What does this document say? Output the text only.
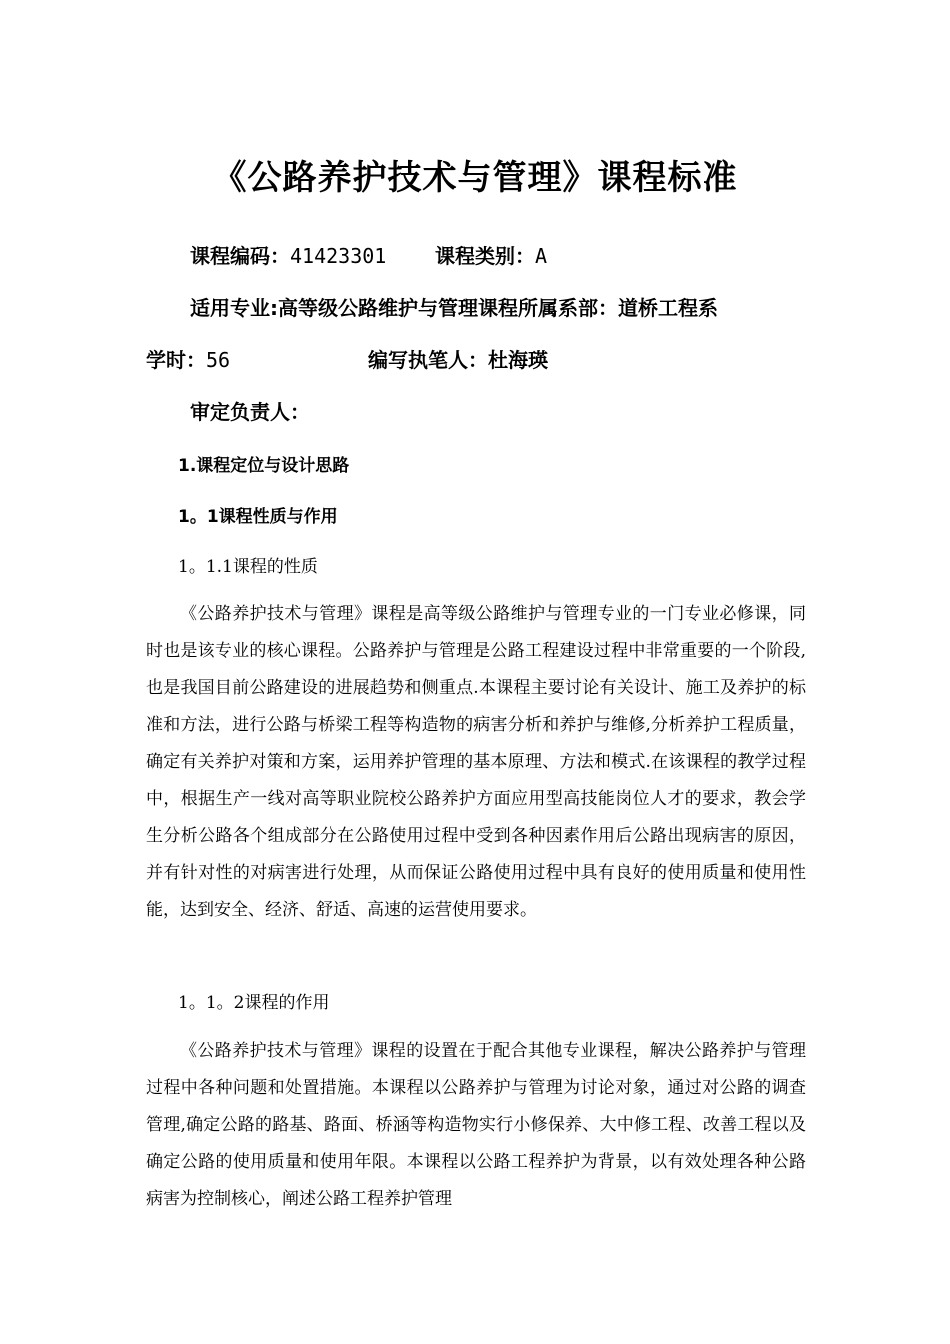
《公路养护技术与管理》课程标准
课程编码：41423301 课程类别：A
适用专业:高等级公路维护与管理课程所属系部：道桥工程系
学时：56	编写执笔人：杜海瑛
审定负责人：
1.课程定位与设计思路
1。1课程性质与作用
1。1.1课程的性质

《公路养护技术与管理》课程是高等级公路维护与管理专业的一门专业必修课，同时也是该专业的核心课程。公路养护与管理是公路工程建设过程中非常重要的一个阶段,也是我国目前公路建设的进展趋势和侧重点.本课程主要讨论有关设计、施工及养护的标准和方法，进行公路与桥梁工程等构造物的病害分析和养护与维修,分析养护工程质量，确定有关养护对策和方案，运用养护管理的基本原理、方法和模式.在该课程的教学过程中，根据生产一线对高等职业院校公路养护方面应用型高技能岗位人才的要求，教会学生分析公路各个组成部分在公路使用过程中受到各种因素作用后公路出现病害的原因，并有针对性的对病害进行处理，从而保证公路使用过程中具有良好的使用质量和使用性能，达到安全、经济、舒适、高速的运营使用要求。

1。1。2课程的作用

《公路养护技术与管理》课程的设置在于配合其他专业课程，解决公路养护与管理过程中各种问题和处置措施。本课程以公路养护与管理为讨论对象，通过对公路的调查管理,确定公路的路基、路面、桥涵等构造物实行小修保养、大中修工程、改善工程以及确定公路的使用质量和使用年限。本课程以公路工程养护为背景，以有效处理各种公路病害为控制核心，阐述公路工程养护管理
